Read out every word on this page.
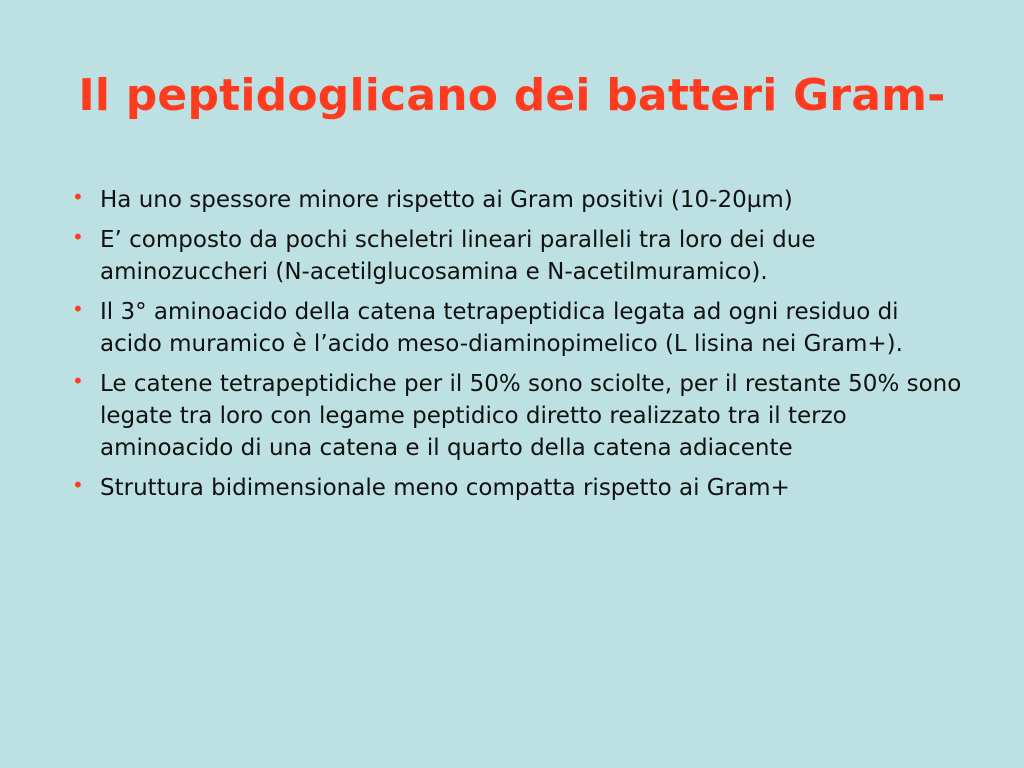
Il peptidoglicano dei batteri Gram-
• Ha uno spessore minore rispetto ai Gram positivi (10-20µm)
• E’ composto da pochi scheletri lineari paralleli tra loro dei due aminozuccheri (N-acetilglucosamina e N-acetilmuramico).
• Il 3° aminoacido della catena tetrapeptidica legata ad ogni residuo di acido muramico è l’acido meso-diaminopimelico (L lisina nei Gram+).
• Le catene tetrapeptidiche per il 50% sono sciolte, per il restante 50% sono legate tra loro con legame peptidico diretto realizzato tra il terzo aminoacido di una catena e il quarto della catena adiacente
• Struttura bidimensionale meno compatta rispetto ai Gram+
